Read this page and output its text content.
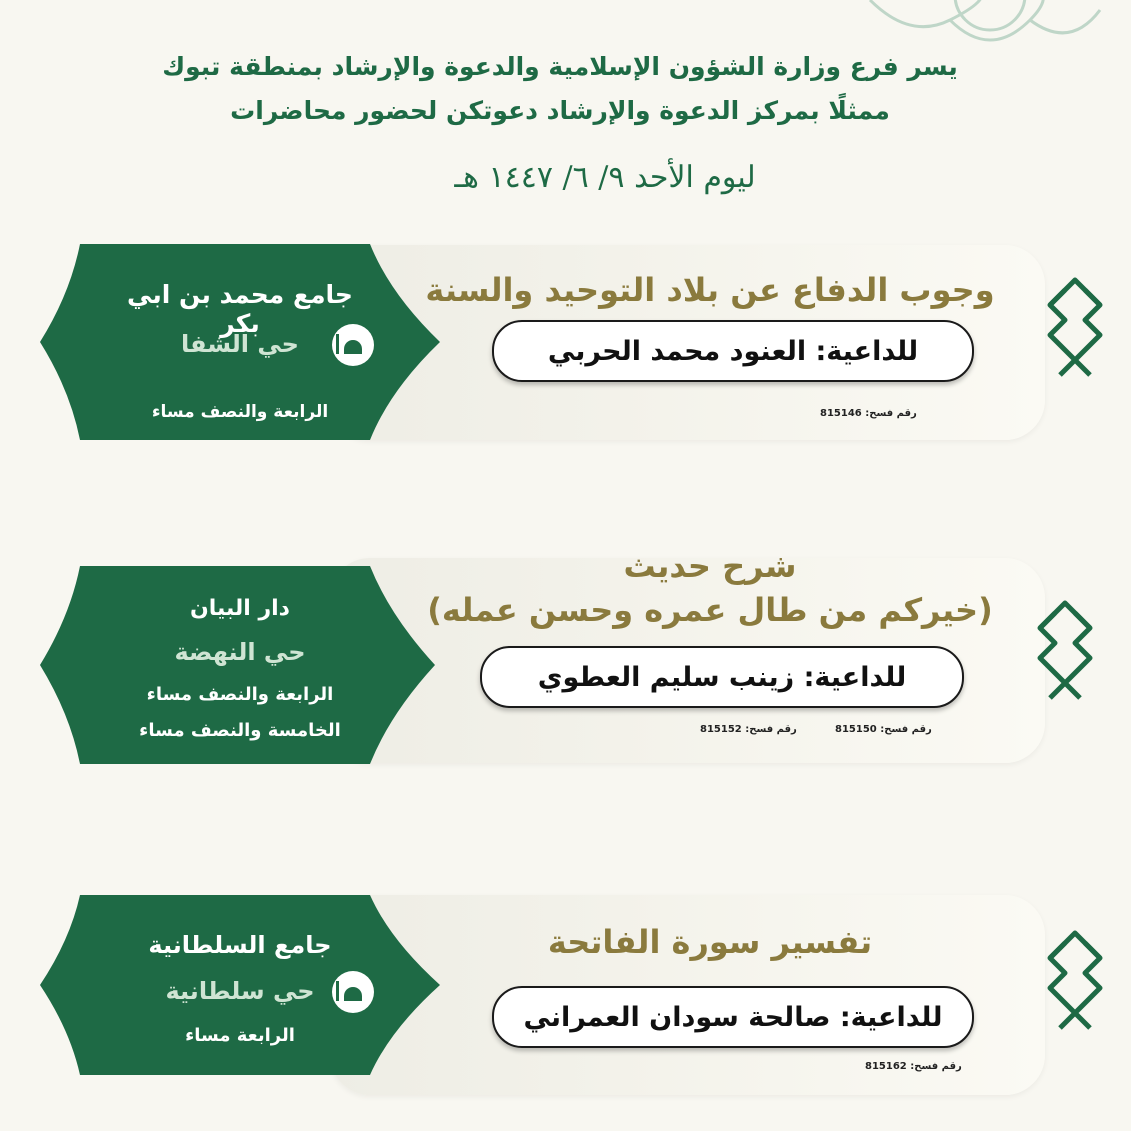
يسر فرع وزارة الشؤون الإسلامية والدعوة والإرشاد بمنطقة تبوك
ممثلًا بمركز الدعوة والإرشاد دعوتكن لحضور محاضرات
ليوم الأحد ٩/ ٦/ ١٤٤٧ هـ
وجوب الدفاع عن بلاد التوحيد والسنة
للداعية: العنود محمد الحربي
رقم فسح: 815146
جامع محمد بن ابي بكر
حي الشفا
الرابعة والنصف مساء
شرح حديث
(خيركم من طال عمره وحسن عمله)
للداعية: زينب سليم العطوي
رقم فسح: 815150
رقم فسح: 815152
دار البيان
حي النهضة
الرابعة والنصف مساء
الخامسة والنصف مساء
تفسير سورة الفاتحة
للداعية: صالحة سودان العمراني
رقم فسح: 815162
جامع السلطانية
حي سلطانية
الرابعة مساء
